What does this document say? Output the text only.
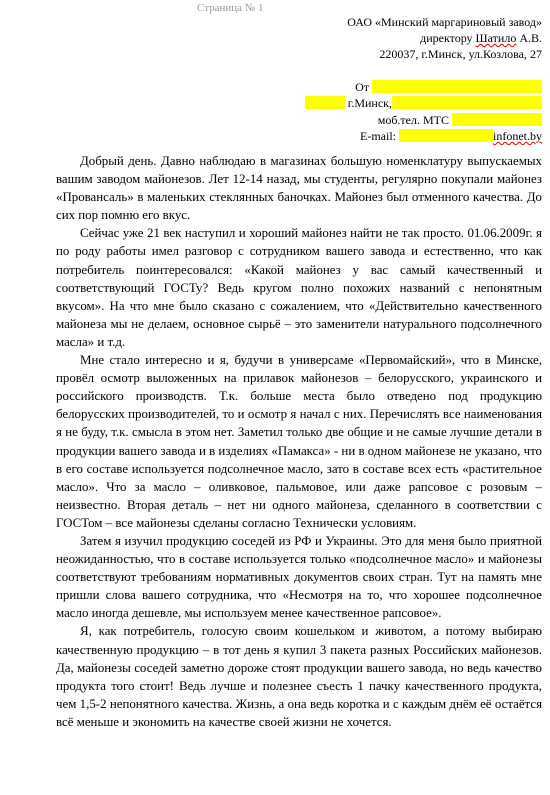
Страница № 1
ОАО «Минский маргариновый завод»
директору Шатило А.В.
220037, г.Минск, ул.Козлова, 27
От
г.Минск,
моб.тел. МТС
E-mail:	infonet.by

Добрый день. Давно наблюдаю в магазинах большую номенклатуру выпускаемых вашим заводом майонезов. Лет 12-14 назад, мы студенты, регулярно покупали майонез «Провансаль» в маленьких стеклянных баночках. Майонез был отменного качества. До сих пор помню его вкус.

Сейчас уже 21 век наступил и хороший майонез найти не так просто. 01.06.2009г. я по роду работы имел разговор с сотрудником вашего завода и естественно, что как потребитель поинтересовался: «Какой майонез у вас самый качественный и соответствующий ГОСТу? Ведь кругом полно похожих названий с непонятным вкусом». На что мне было сказано с сожалением, что «Действительно качественного майонеза мы не делаем, основное сырьё – это заменители натурального подсолнечного масла» и т.д.

Мне стало интересно и я, будучи в универсаме «Первомайский», что в Минске, провёл осмотр выложенных на прилавок майонезов – белорусского, украинского и российского производств. Т.к. больше места было отведено под продукцию белорусских производителей, то и осмотр я начал с них. Перечислять все наименования я не буду, т.к. смысла в этом нет. Заметил только две общие и не самые лучшие детали в продукции вашего завода и в изделиях «Памакса» - ни в одном майонезе не указано, что в его составе используется подсолнечное масло, зато в составе всех есть «растительное масло». Что за масло – оливковое, пальмовое, или даже рапсовое с розовым – неизвестно. Вторая деталь – нет ни одного майонеза, сделанного в соответствии с ГОСТом – все майонезы сделаны согласно Технически условиям.

Затем я изучил продукцию соседей из РФ и Украины. Это для меня было приятной неожиданностью, что в составе используется только «подсолнечное масло» и майонезы соответствуют требованиям нормативных документов своих стран. Тут на память мне пришли слова вашего сотрудника, что «Несмотря на то, что хорошее подсолнечное масло иногда дешевле, мы используем менее качественное рапсовое».

Я, как потребитель, голосую своим кошельком и животом, а потому выбираю качественную продукцию – в тот день я купил 3 пакета разных Российских майонезов. Да, майонезы соседей заметно дороже стоят продукции вашего завода, но ведь качество продукта того стоит! Ведь лучше и полезнее съесть 1 пачку качественного продукта, чем 1,5-2 непонятного качества. Жизнь, а она ведь коротка и с каждым днём её остаётся всё меньше и экономить на качестве своей жизни не хочется.
